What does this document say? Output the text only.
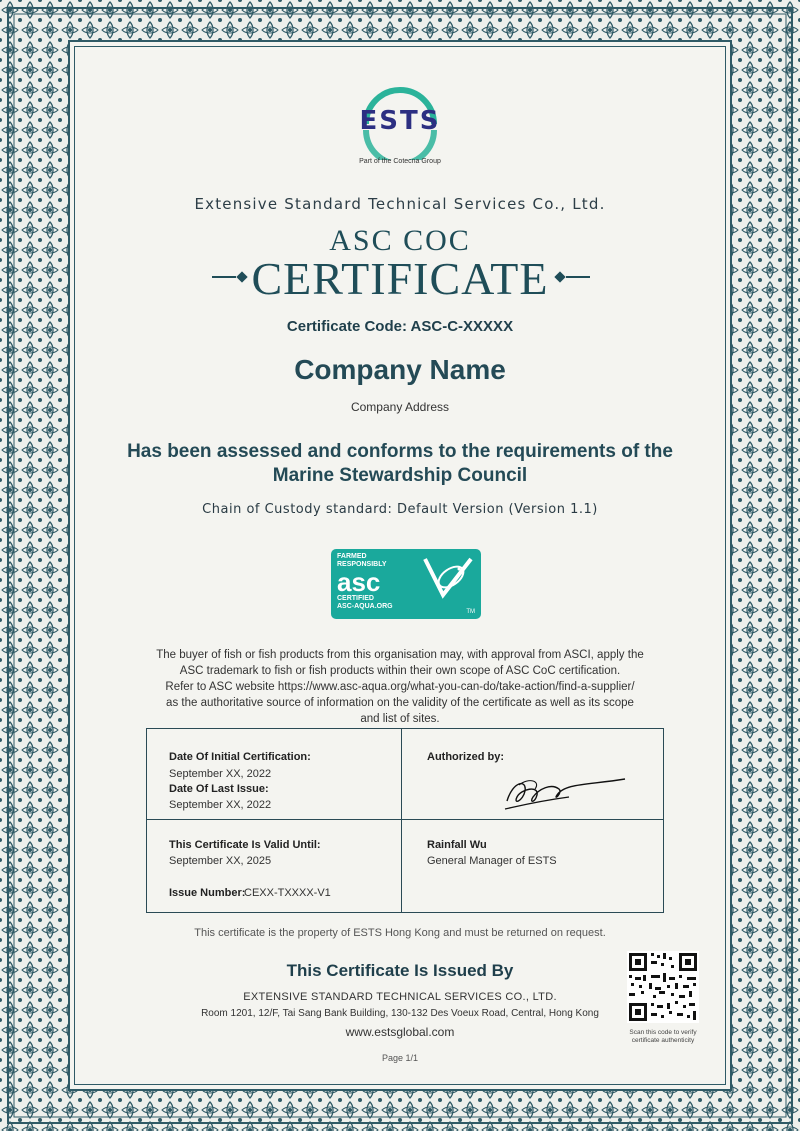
ESTS
Part of the Cotecna Group
Extensive Standard Technical Services Co., Ltd.
ASC COC
CERTIFICATE
Certificate Code: ASC-C-XXXXX
Company Name
Company Address
Has been assessed and conforms to the requirements of the
Marine Stewardship Council
Chain of Custody standard: Default Version (Version 1.1)
FARMED
RESPONSIBLY
asc
CERTIFIED
ASC-AQUA.ORG
TM
The buyer of fish or fish products from this organisation may, with approval from ASCI, apply the
ASC trademark to fish or fish products within their own scope of ASC CoC certification.
Refer to ASC website https://www.asc-aqua.org/what-you-can-do/take-action/find-a-supplier/
as the authoritative source of information on the validity of the certificate as well as its scope
and list of sites.
Date Of Initial Certification:
September XX, 2022
Date Of Last Issue:
September XX, 2022
Authorized by:
This Certificate Is Valid Until:
September XX, 2025
Issue Number:
CEXX-TXXXX-V1
Rainfall Wu
General Manager of ESTS
This certificate is the property of ESTS Hong Kong and must be returned on request.
This Certificate Is Issued By
EXTENSIVE STANDARD TECHNICAL SERVICES CO., LTD.
Room 1201, 12/F, Tai Sang Bank Building, 130-132 Des Voeux Road, Central, Hong Kong
www.estsglobal.com
Page 1/1
Scan this code to verify
certificate authenticity
